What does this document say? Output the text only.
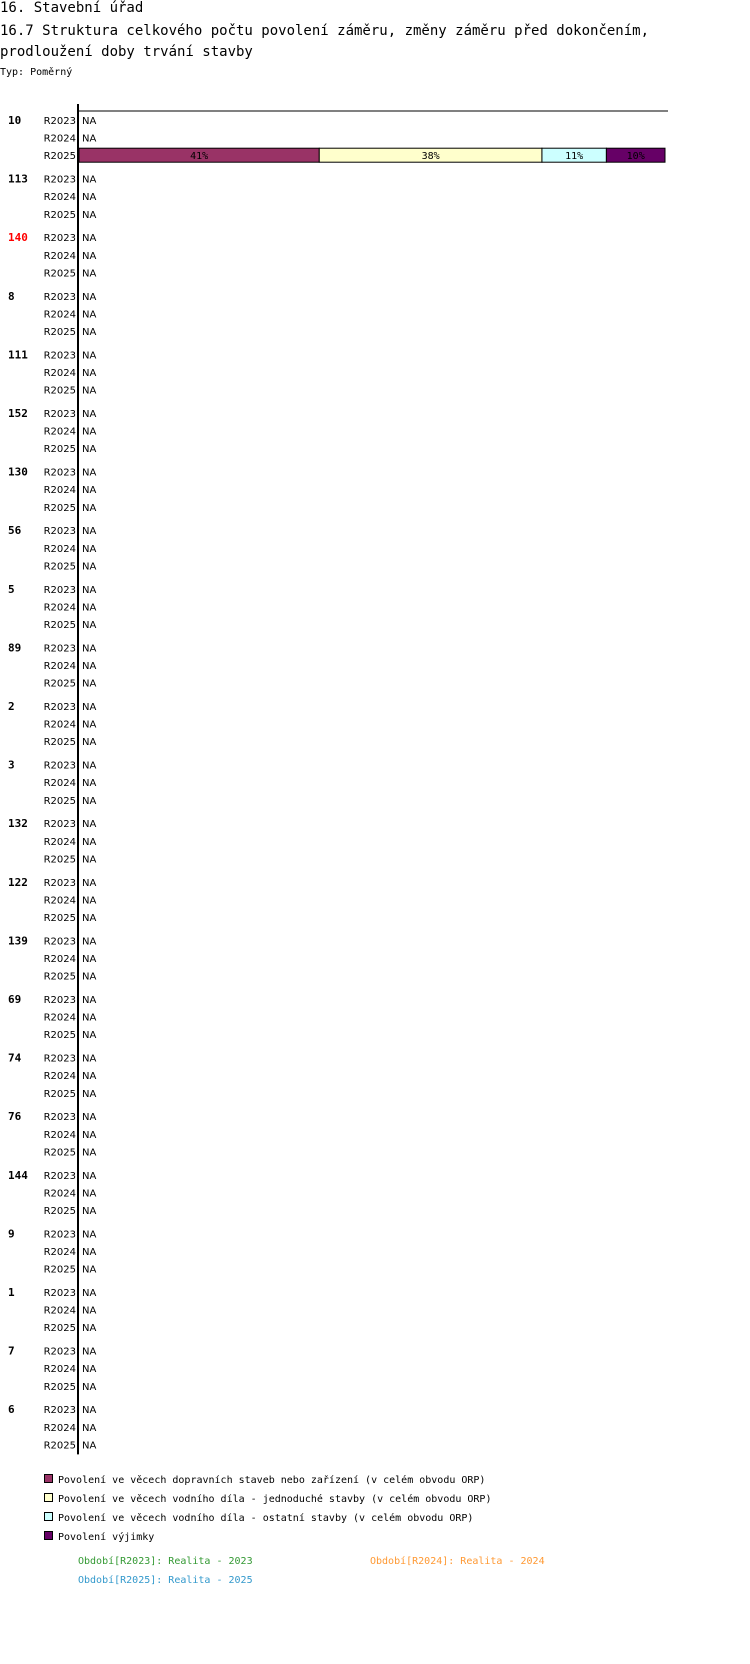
16. Stavební úřad
16.7 Struktura celkového počtu povolení záměru, změny záměru před dokončením, prodloužení doby trvání stavby
Typ: Poměrný
10 R2023 NA
R2024 NA
R2025	41%	38%	11%	10%
113 R2023 NA
R2024 NA
R2025 NA
140 R2023 NA
R2024 NA
R2025 NA
8	R2023 NA
R2024 NA
R2025 NA
111 R2023 NA
R2024 NA
R2025 NA
152 R2023 NA
R2024 NA
R2025 NA
130 R2023 NA
R2024 NA
R2025 NA
56 R2023 NA
R2024 NA
R2025 NA
5	R2023 NA
R2024 NA
R2025 NA
89 R2023 NA
R2024 NA
R2025 NA
2	R2023 NA
R2024 NA
R2025 NA
3	R2023 NA
R2024 NA
R2025 NA
132 R2023 NA
R2024 NA
R2025 NA
122 R2023 NA
R2024 NA
R2025 NA
139 R2023 NA
R2024 NA
R2025 NA
69 R2023 NA
R2024 NA
R2025 NA
74 R2023 NA
R2024 NA
R2025 NA
76 R2023 NA
R2024 NA
R2025 NA
144 R2023 NA
R2024 NA
R2025 NA
9	R2023 NA
R2024 NA
R2025 NA
1	R2023 NA
R2024 NA
R2025 NA
7	R2023 NA
R2024 NA
R2025 NA
6	R2023 NA
R2024 NA
R2025 NA
Povolení ve věcech dopravních staveb nebo zařízení (v celém obvodu ORP)
Povolení ve věcech vodního díla - jednoduché stavby (v celém obvodu ORP)
Povolení ve věcech vodního díla - ostatní stavby (v celém obvodu ORP)
Povolení výjimky
Období[R2023]: Realita - 2023	Období[R2024]: Realita - 2024
Období[R2025]: Realita - 2025
